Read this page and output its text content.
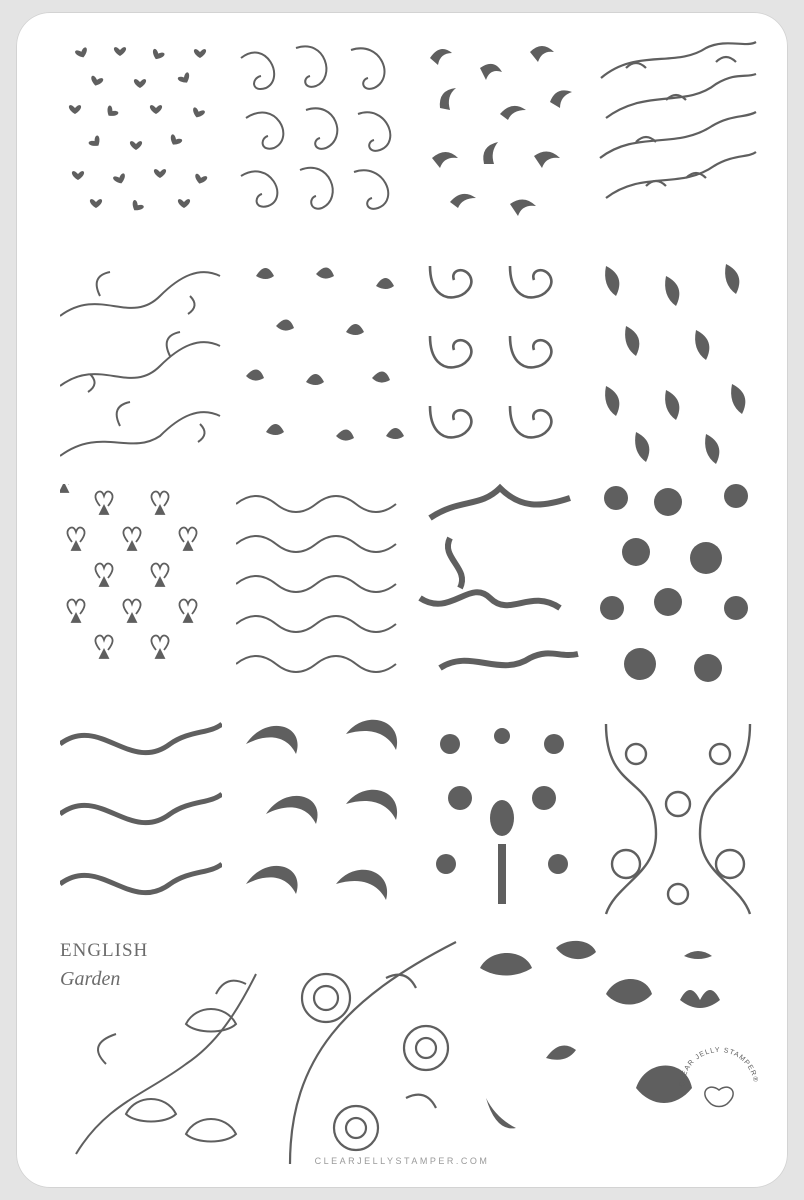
ENGLISH
Garden
CLEAR JELLY STAMPER®
CLEARJELLYSTAMPER.COM
